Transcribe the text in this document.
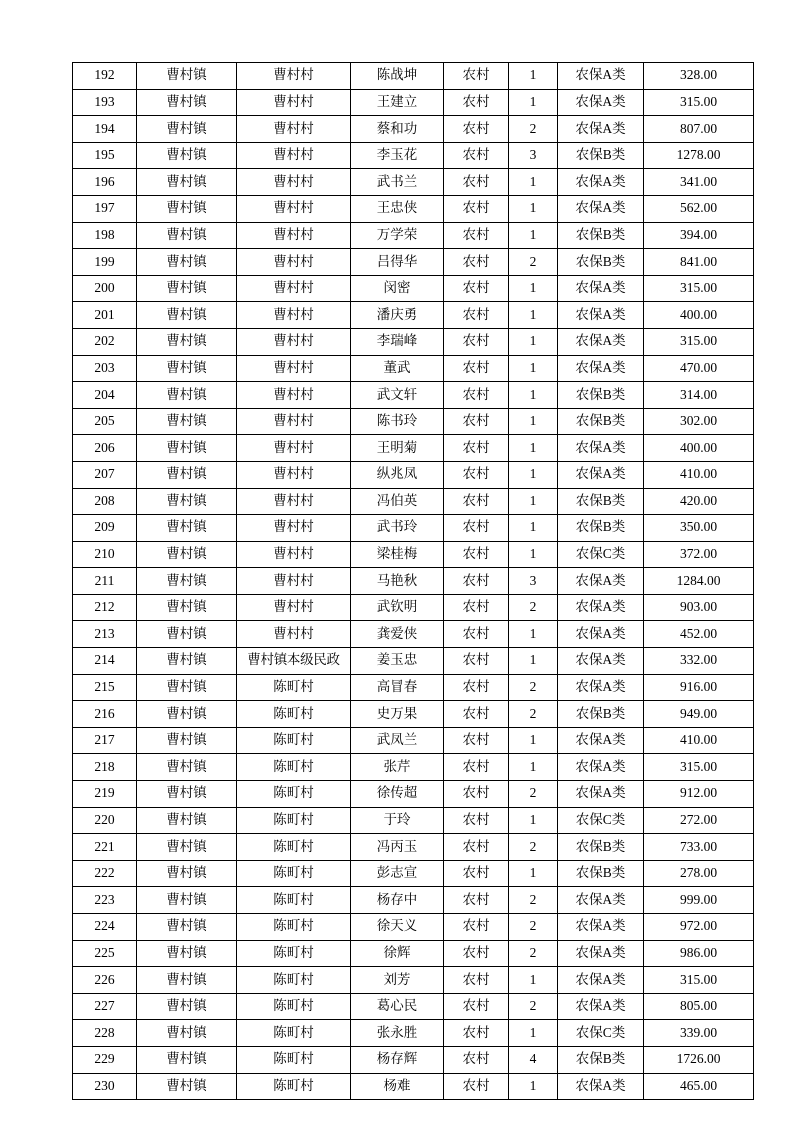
192	曹村镇	曹村村	陈战坤	农村	1	农保A类	328.00
193	曹村镇	曹村村	王建立	农村	1	农保A类	315.00
194	曹村镇	曹村村	蔡和功	农村	2	农保A类	807.00
195	曹村镇	曹村村	李玉花	农村	3	农保B类	1278.00
196	曹村镇	曹村村	武书兰	农村	1	农保A类	341.00
197	曹村镇	曹村村	王忠侠	农村	1	农保A类	562.00
198	曹村镇	曹村村	万学荣	农村	1	农保B类	394.00
199	曹村镇	曹村村	吕得华	农村	2	农保B类	841.00
200	曹村镇	曹村村	闵密	农村	1	农保A类	315.00
201	曹村镇	曹村村	潘庆勇	农村	1	农保A类	400.00
202	曹村镇	曹村村	李瑞峰	农村	1	农保A类	315.00
203	曹村镇	曹村村	董武	农村	1	农保A类	470.00
204	曹村镇	曹村村	武文轩	农村	1	农保B类	314.00
205	曹村镇	曹村村	陈书玲	农村	1	农保B类	302.00
206	曹村镇	曹村村	王明菊	农村	1	农保A类	400.00
207	曹村镇	曹村村	纵兆凤	农村	1	农保A类	410.00
208	曹村镇	曹村村	冯伯英	农村	1	农保B类	420.00
209	曹村镇	曹村村	武书玲	农村	1	农保B类	350.00
210	曹村镇	曹村村	梁桂梅	农村	1	农保C类	372.00
211	曹村镇	曹村村	马艳秋	农村	3	农保A类	1284.00
212	曹村镇	曹村村	武钦明	农村	2	农保A类	903.00
213	曹村镇	曹村村	龚爱侠	农村	1	农保A类	452.00
214	曹村镇	曹村镇本级民政	姜玉忠	农村	1	农保A类	332.00
215	曹村镇	陈町村	高冒春	农村	2	农保A类	916.00
216	曹村镇	陈町村	史万果	农村	2	农保B类	949.00
217	曹村镇	陈町村	武凤兰	农村	1	农保A类	410.00
218	曹村镇	陈町村	张芹	农村	1	农保A类	315.00
219	曹村镇	陈町村	徐传超	农村	2	农保A类	912.00
220	曹村镇	陈町村	于玲	农村	1	农保C类	272.00
221	曹村镇	陈町村	冯丙玉	农村	2	农保B类	733.00
222	曹村镇	陈町村	彭志宣	农村	1	农保B类	278.00
223	曹村镇	陈町村	杨存中	农村	2	农保A类	999.00
224	曹村镇	陈町村	徐天义	农村	2	农保A类	972.00
225	曹村镇	陈町村	徐辉	农村	2	农保A类	986.00
226	曹村镇	陈町村	刘芳	农村	1	农保A类	315.00
227	曹村镇	陈町村	葛心民	农村	2	农保A类	805.00
228	曹村镇	陈町村	张永胜	农村	1	农保C类	339.00
229	曹村镇	陈町村	杨存辉	农村	4	农保B类	1726.00
230	曹村镇	陈町村	杨难	农村	1	农保A类	465.00
